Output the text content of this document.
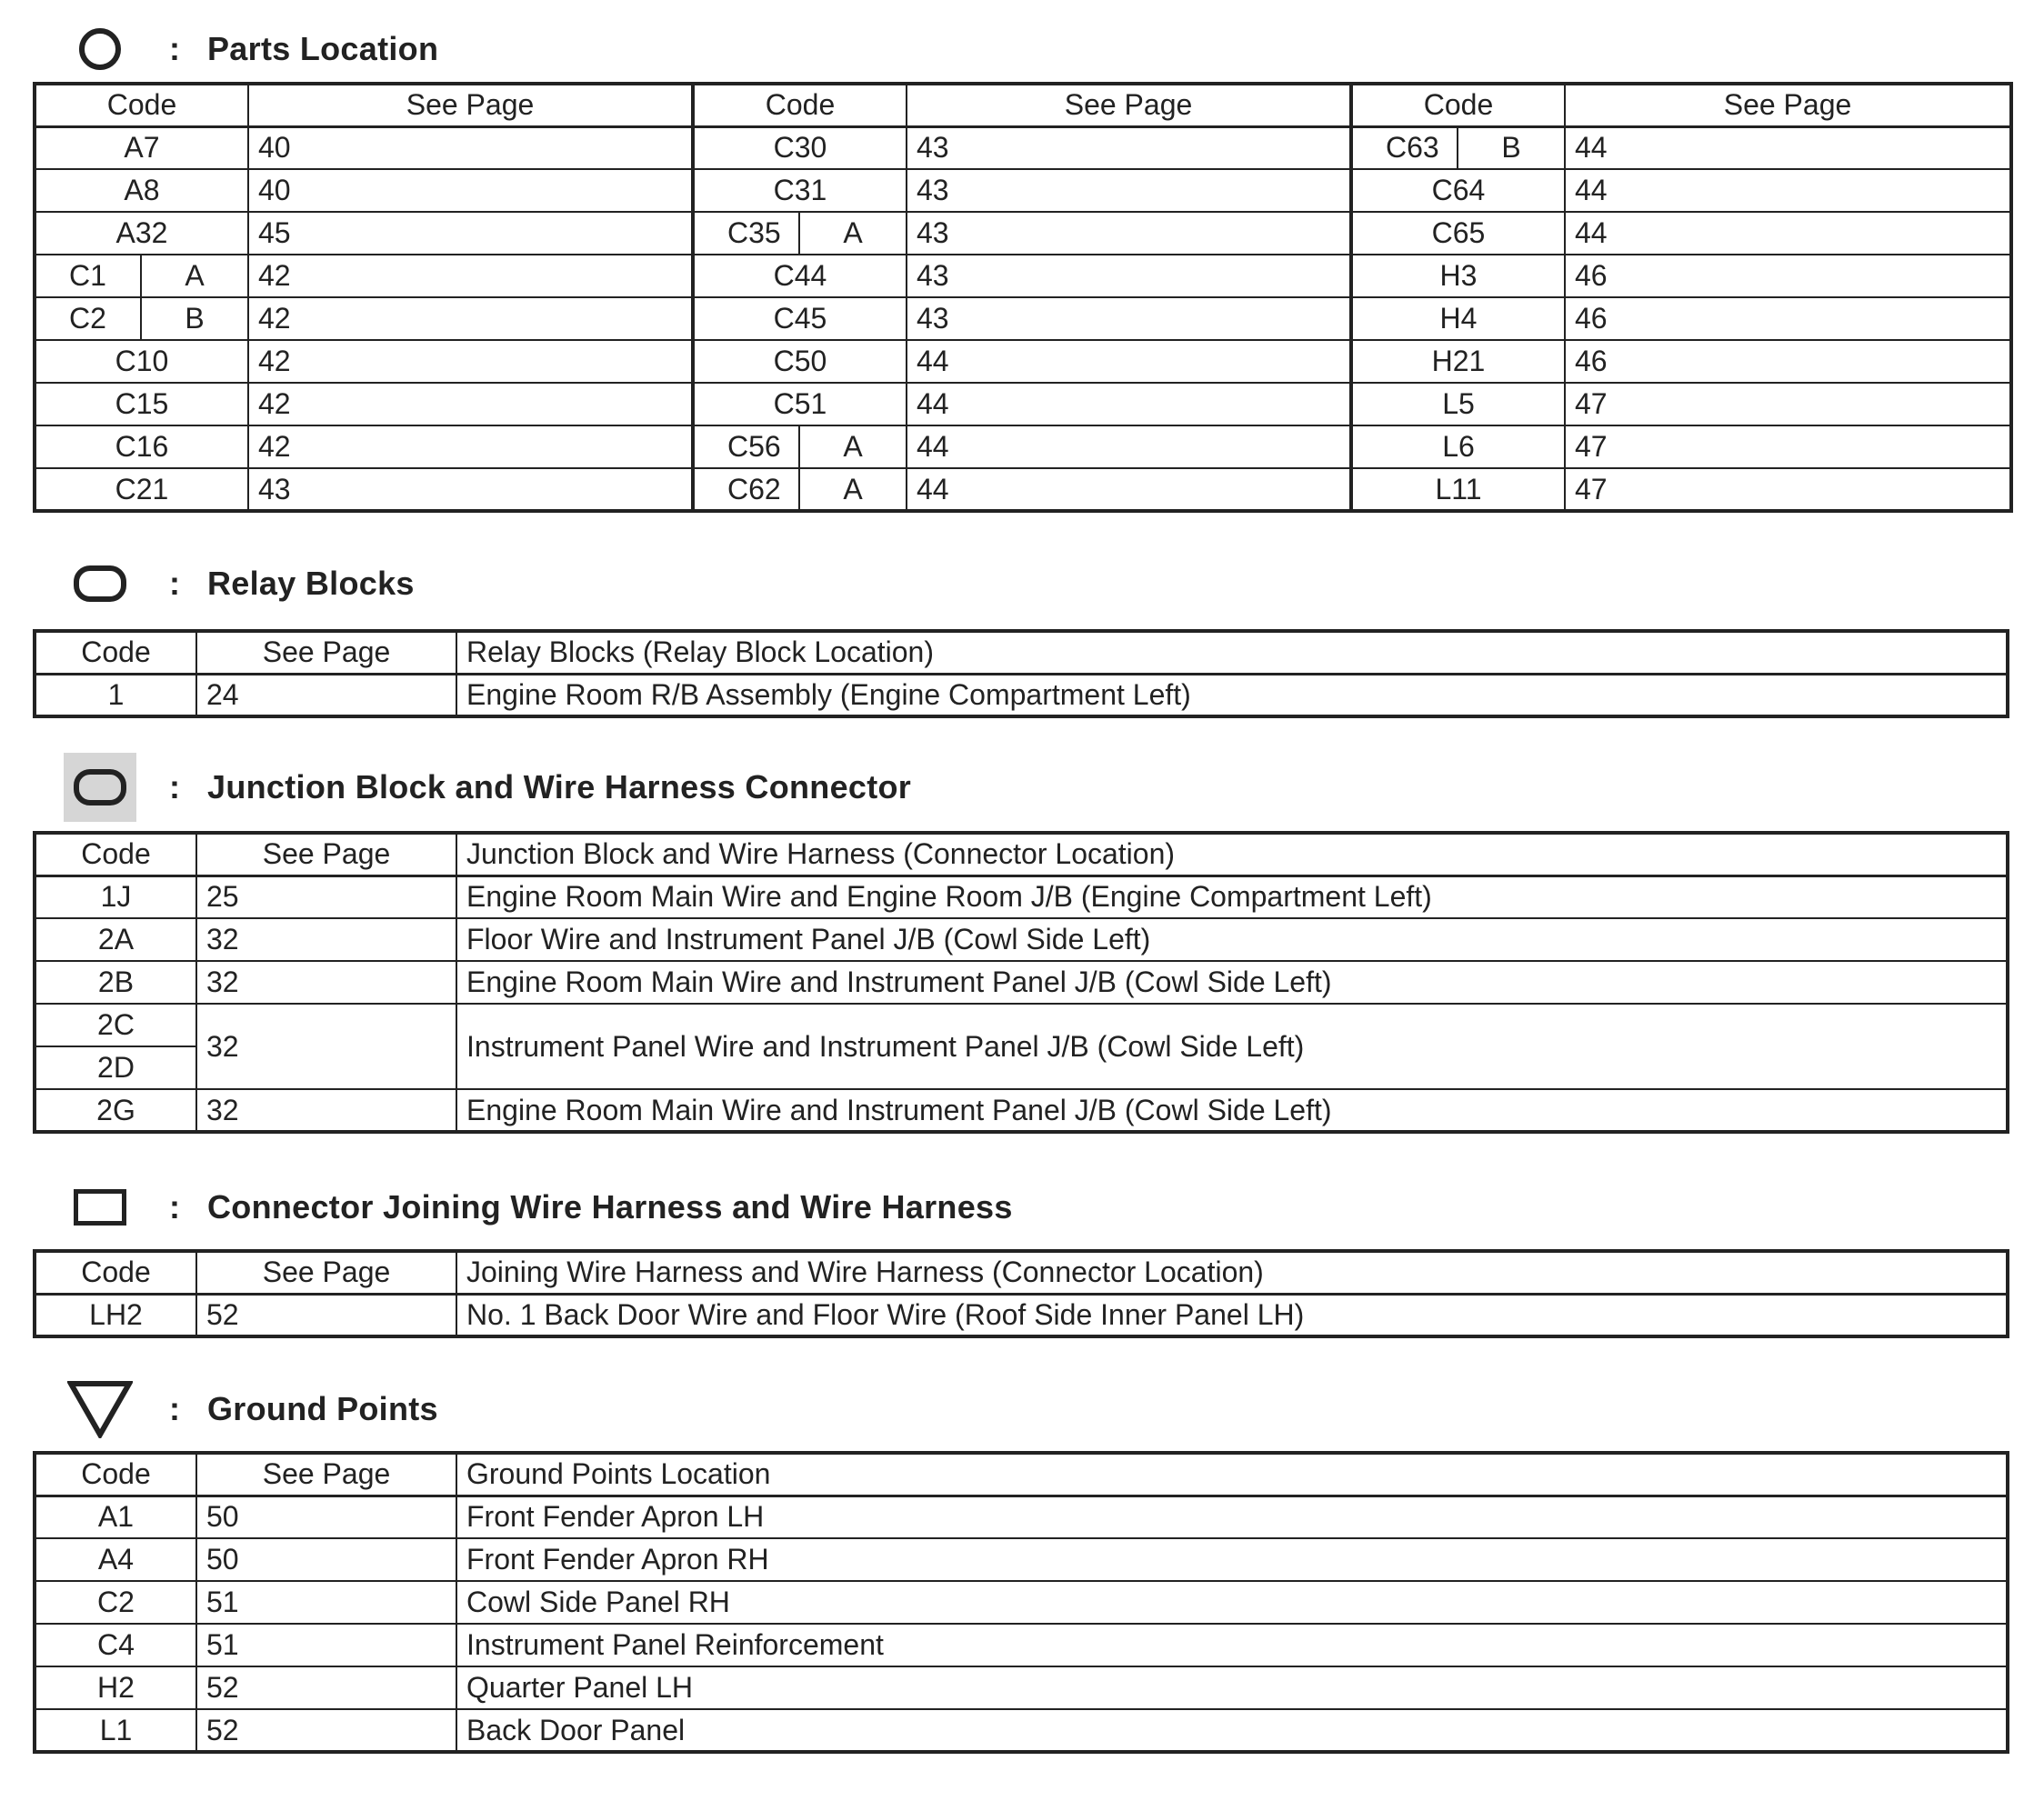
: Parts Location
Code		See Page	Code		See Page	Code		See Page
A7		40	C30		43	C63	B	44
A8		40	C31		43	C64		44
A32		45	C35	A	43	C65		44
C1	A	42	C44		43	H3		46
C2	B	42	C45		43	H4		46
C10		42	C50		44	H21		46
C15		42	C51		44	L5		47
C16		42	C56	A	44	L6		47
C21		43	C62	A	44	L11		47
: Relay Blocks
Code	See Page	Relay Blocks (Relay Block Location)
1	24	Engine Room R/B Assembly (Engine Compartment Left)
: Junction Block and Wire Harness Connector
Code	See Page	Junction Block and Wire Harness (Connector Location)
1J	25	Engine Room Main Wire and Engine Room J/B (Engine Compartment Left)
2A	32	Floor Wire and Instrument Panel J/B (Cowl Side Left)
2B	32	Engine Room Main Wire and Instrument Panel J/B (Cowl Side Left)
2C	32	Instrument Panel Wire and Instrument Panel J/B (Cowl Side Left)
2D		
2G	32	Engine Room Main Wire and Instrument Panel J/B (Cowl Side Left)
: Connector Joining Wire Harness and Wire Harness
Code	See Page	Joining Wire Harness and Wire Harness (Connector Location)
LH2	52	No. 1 Back Door Wire and Floor Wire (Roof Side Inner Panel LH)
: Ground Points
Code	See Page	Ground Points Location
A1	50	Front Fender Apron LH
A4	50	Front Fender Apron RH
C2	51	Cowl Side Panel RH
C4	51	Instrument Panel Reinforcement
H2	52	Quarter Panel LH
L1	52	Back Door Panel
